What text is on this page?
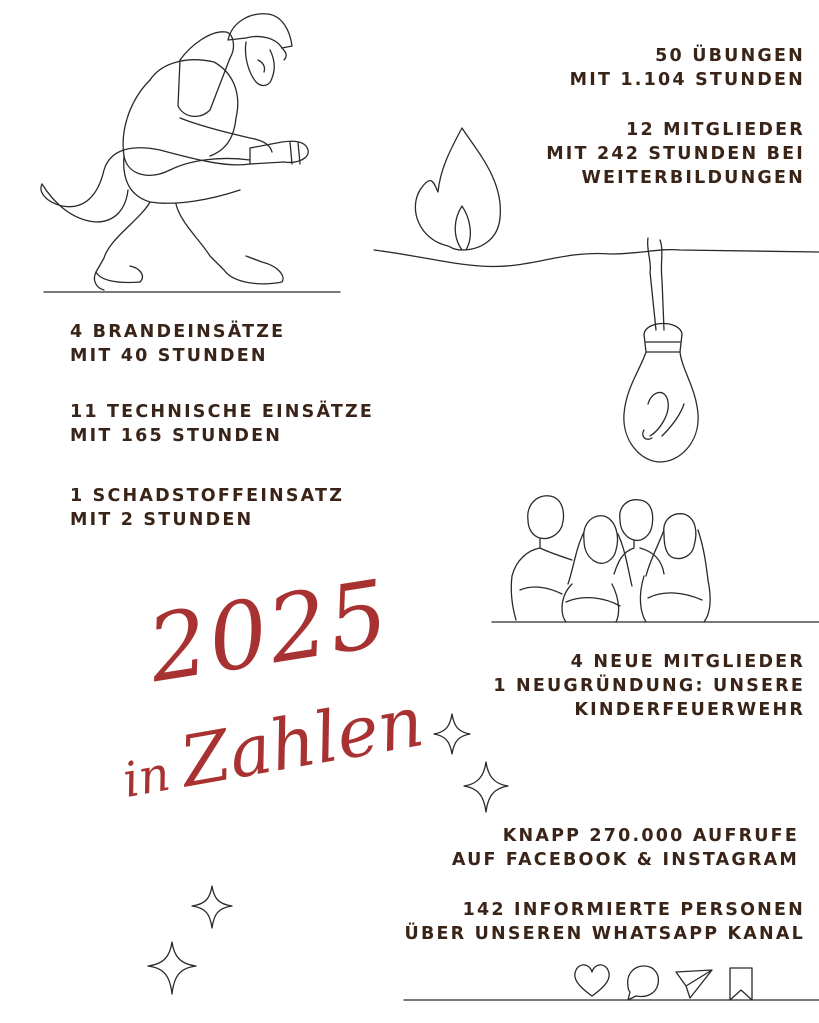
50 ÜBUNGEN
MIT 1.104 STUNDEN
12 MITGLIEDER
MIT 242 STUNDEN BEI
WEITERBILDUNGEN
4 BRANDEINSÄTZE
MIT 40 STUNDEN
11 TECHNISCHE EINSÄTZE
MIT 165 STUNDEN
1 SCHADSTOFFEINSATZ
MIT 2 STUNDEN
4 NEUE MITGLIEDER
1 NEUGRÜNDUNG: UNSERE
KINDERFEUERWEHR
KNAPP 270.000 AUFRUFE
AUF FACEBOOK & INSTAGRAM
142 INFORMIERTE PERSONEN
ÜBER UNSEREN WHATSAPP KANAL
2025
inZahlen
